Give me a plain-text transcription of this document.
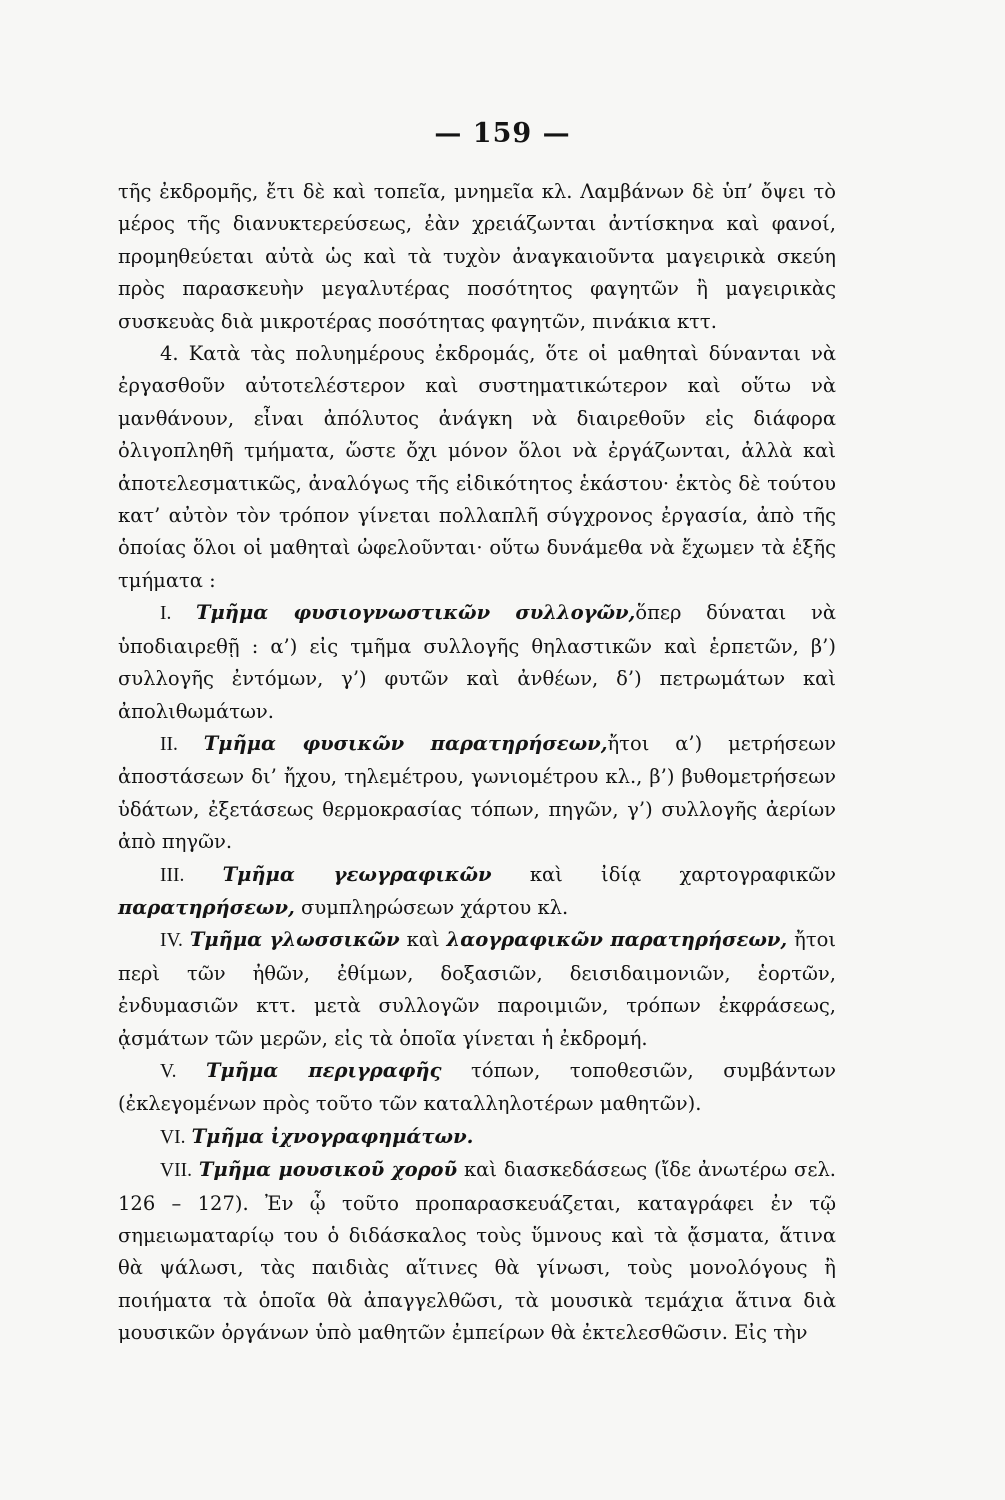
— 159 —

τῆς ἐκδρομῆς, ἔτι δὲ καὶ τοπεῖα, μνημεῖα κλ. Λαμβάνων δὲ ὑπ’ ὄψει τὸ μέρος τῆς διανυκτερεύσεως, ἐὰν χρειάζωνται ἀντίσκηνα καὶ φανοί, προμηθεύεται αὐτὰ ὡς καὶ τὰ τυχὸν ἀναγκαιοῦντα μαγειρικὰ σκεύη πρὸς παρασκευὴν μεγαλυτέρας ποσότητος φαγητῶν ἢ μαγειρικὰς συσκευὰς διὰ μικροτέρας ποσότητας φαγητῶν, πινάκια κττ.

4. Κατὰ τὰς πολυημέρους ἐκδρομάς, ὅτε οἱ μαθηταὶ δύνανται νὰ ἐργασθοῦν αὐτοτελέστερον καὶ συστηματικώτερον καὶ οὕτω νὰ μανθάνουν, εἶναι ἀπόλυτος ἀνάγκη νὰ διαιρεθοῦν εἰς διάφορα ὀλιγοπληθῆ τμήματα, ὥστε ὄχι μόνον ὅλοι νὰ ἐργάζωνται, ἀλλὰ καὶ ἀποτελεσματικῶς, ἀναλόγως τῆς εἰδικότητος ἑκάστου· ἐκτὸς δὲ τούτου κατ’ αὐτὸν τὸν τρόπον γίνεται πολλαπλῆ σύγχρονος ἐργασία, ἀπὸ τῆς ὁποίας ὅλοι οἱ μαθηταὶ ὠφελοῦνται· οὕτω δυνάμεθα νὰ ἔχωμεν τὰ ἑξῆς τμήματα :

Ι. Τμῆμα φυσιογνωστικῶν συλλογῶν,ὅπερ δύναται νὰ ὑποδιαιρεθῇ : α’) εἰς τμῆμα συλλογῆς θηλαστικῶν καὶ ἑρπετῶν, β’) συλλογῆς ἐντόμων, γ’) φυτῶν καὶ ἀνθέων, δ’) πετρωμάτων καὶ ἀπολιθωμάτων.

ΙΙ. Τμῆμα φυσικῶν παρατηρήσεων,ἤτοι α’) μετρήσεων ἀποστάσεων δι’ ἤχου, τηλεμέτρου, γωνιομέτρου κλ., β’) βυθομετρήσεων ὑδάτων, ἐξετάσεως θερμοκρασίας τόπων, πηγῶν, γ’) συλλογῆς ἀερίων ἀπὸ πηγῶν.

ΙΙΙ. Τμῆμα γεωγραφικῶν καὶ ἰδίᾳ χαρτογραφικῶν παρατηρήσεων, συμπληρώσεων χάρτου κλ.

ΙV. Τμῆμα γλωσσικῶν καὶ λαογραφικῶν παρατηρήσεων, ἤτοι περὶ τῶν ἠθῶν, ἐθίμων, δοξασιῶν, δεισιδαιμονιῶν, ἑορτῶν, ἐνδυμασιῶν κττ. μετὰ συλλογῶν παροιμιῶν, τρόπων ἐκφράσεως, ᾀσμάτων τῶν μερῶν, εἰς τὰ ὁποῖα γίνεται ἡ ἐκδρομή.

V. Τμῆμα περιγραφῆς τόπων, τοποθεσιῶν, συμβάντων (ἐκλεγομένων πρὸς τοῦτο τῶν καταλληλοτέρων μαθητῶν).

VI. Τμῆμα ἰχνογραφημάτων.

VII. Τμῆμα μουσικοῦ χοροῦ καὶ διασκεδάσεως (ἴδε ἀνωτέρω σελ. 126 – 127). Ἐν ᾧ τοῦτο προπαρασκευάζεται, καταγράφει ἐν τῷ σημειωματαρίῳ του ὁ διδάσκαλος τοὺς ὕμνους καὶ τὰ ᾄσματα, ἅτινα θὰ ψάλωσι, τὰς παιδιὰς αἵτινες θὰ γίνωσι, τοὺς μονολόγους ἢ ποιήματα τὰ ὁποῖα θὰ ἀπαγγελθῶσι, τὰ μουσικὰ τεμάχια ἅτινα διὰ μουσικῶν ὀργάνων ὑπὸ μαθητῶν ἐμπείρων θὰ ἐκτελεσθῶσιν. Εἰς τὴν
